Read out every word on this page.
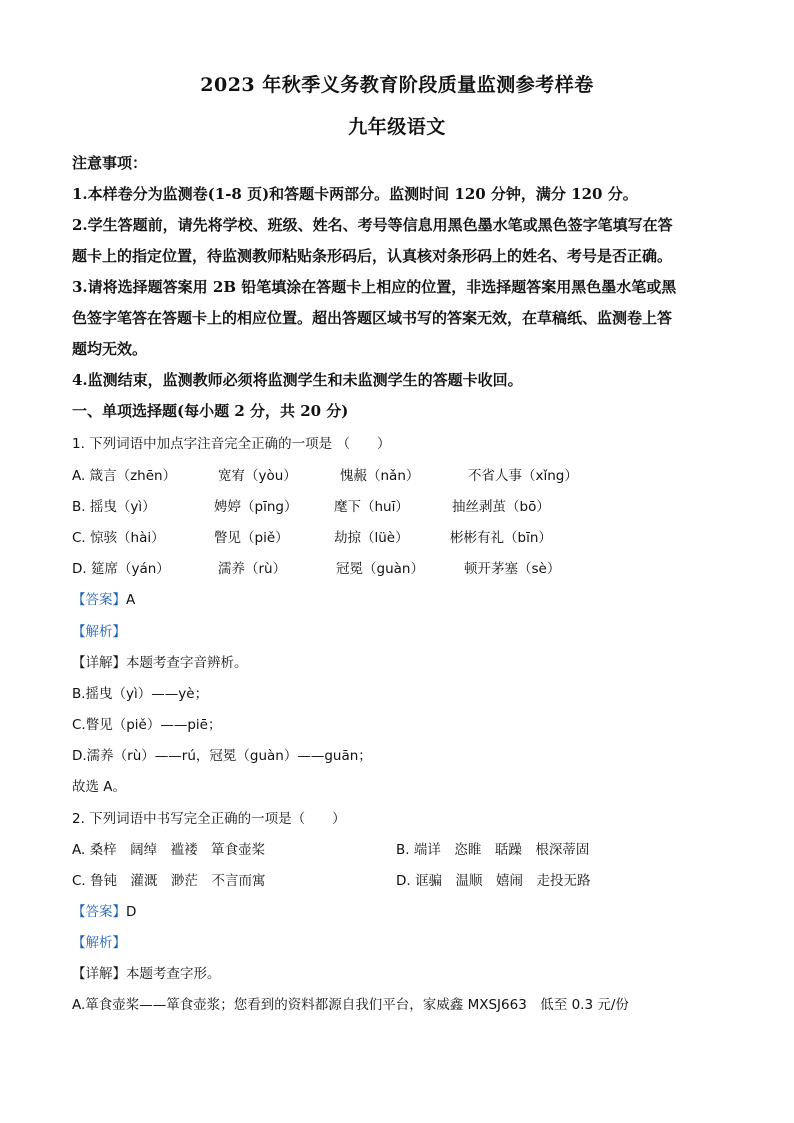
2023 年秋季义务教育阶段质量监测参考样卷
九年级语文
注意事项：
1.本样卷分为监测卷(1-8 页)和答题卡两部分。监测时间 120 分钟，满分 120 分。
2.学生答题前，请先将学校、班级、姓名、考号等信息用黑色墨水笔或黑色签字笔填写在答
题卡上的指定位置，待监测教师粘贴条形码后，认真核对条形码上的姓名、考号是否正确。
3.请将选择题答案用 2B 铅笔填涂在答题卡上相应的位置，非选择题答案用黑色墨水笔或黑
色签字笔答在答题卡上的相应位置。超出答题区域书写的答案无效，在草稿纸、监测卷上答
题均无效。
4.监测结束，监测教师必须将监测学生和未监测学生的答题卡收回。
一、单项选择题(每小题 2 分，共 20 分)
1. 下列词语中加点字注音完全正确的一项是 （　　）
A. 箴言（zhēn）	宽宥（yòu）	愧赧（nǎn）	不省人事（xǐng）
B. 摇曳（yì）	娉婷（pīng）	麾下（huī）	抽丝剥茧（bō）
C. 惊骇（hài）	瞥见（piě）	劫掠（lüè）	彬彬有礼（bīn）
D. 筵席（yán）	濡养（rù）	冠冕（guàn）	顿开茅塞（sè）
【答案】A
【解析】
【详解】本题考查字音辨析。
B.摇曳（yì）——yè；
C.瞥见（piě）——piē；
D.濡养（rù）——rú，冠冕（guàn）——guān；
故选 A。
2. 下列词语中书写完全正确的一项是（　　）
A. 桑梓　阔绰　褴褛　箪食壶桨	B. 端详　恣睢　聒躁　根深蒂固
C. 鲁钝　灌溉　渺茫　不言而寓	D. 诓骗　温顺　嬉闹　走投无路
【答案】D
【解析】
【详解】本题考查字形。
A.箪食壶桨——箪食壶浆；您看到的资料都源自我们平台，家威鑫 MXSJ663　低至 0.3 元/份
